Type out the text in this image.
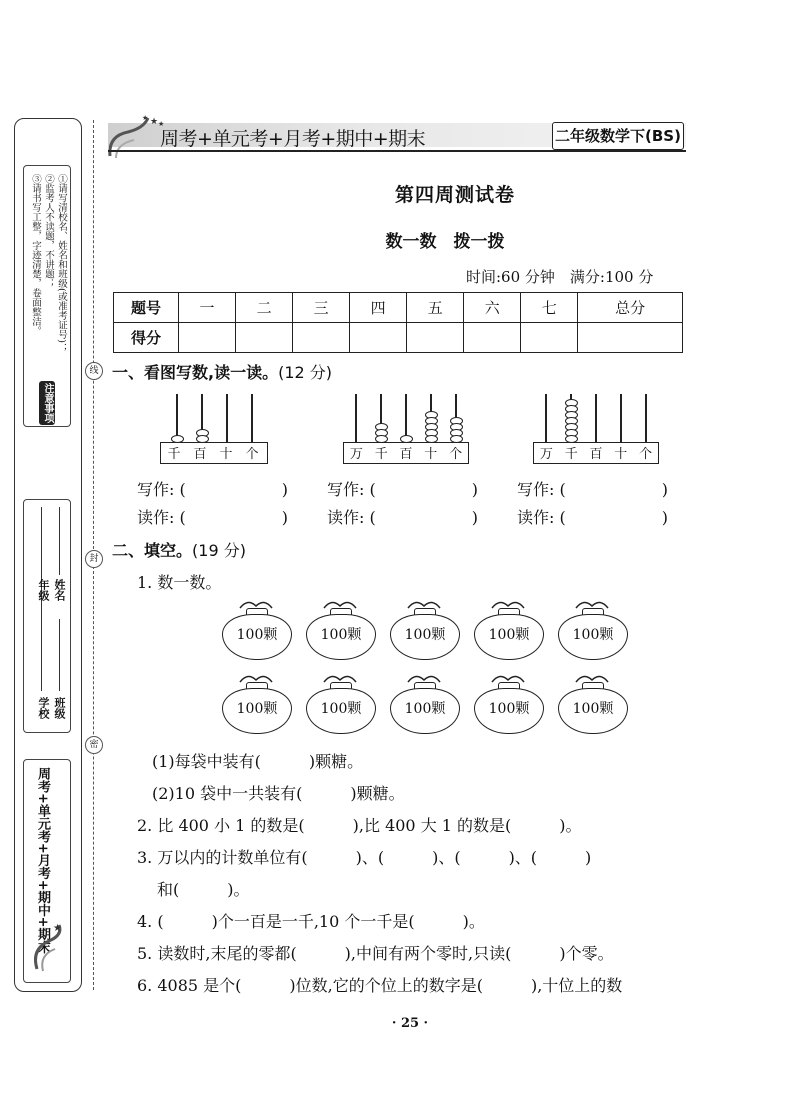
①请写清校名、姓名和班级(或准考证号)；
②监考人不读题，不讲题；
③请书写工整，字迹清楚，卷面整洁。
注意事项
学校 班级
年级 姓名
周考+单元考+月考+期中+期末 ★
线
封
密
★
★
★
周考+单元考+月考+期中+期末	二年级数学下(BS)
第四周测试卷
数一数　拨一拨
时间:60 分钟　满分:100 分
题号	一	二	三	四	五	六	七	总分
得分								
一、看图写数,读一读。(12 分)
千 百 十 个	万 千 百 十 个	万 千 百 十 个
写作: (　　　　　　) 写作: (　　　　　　) 写作: (　　　　　　)
读作: (　　　　　　) 读作: (　　　　　　) 读作: (　　　　　　)
二、填空。(19 分)
1. 数一数。
100颗	100颗	100颗	100颗	100颗
100颗	100颗	100颗	100颗	100颗
(1)每袋中装有(　　　)颗糖。
(2)10 袋中一共装有(　　　)颗糖。
2. 比 400 小 1 的数是(　　　),比 400 大 1 的数是(　　　)。
3. 万以内的计数单位有(　　　)、(　　　)、(　　　)、(　　　)
和(　　　)。
4. (　　　)个一百是一千,10 个一千是(　　　)。
5. 读数时,末尾的零都(　　　),中间有两个零时,只读(　　　)个零。
6. 4085 是个(　　　)位数,它的个位上的数字是(　　　),十位上的数
· 25 ·
